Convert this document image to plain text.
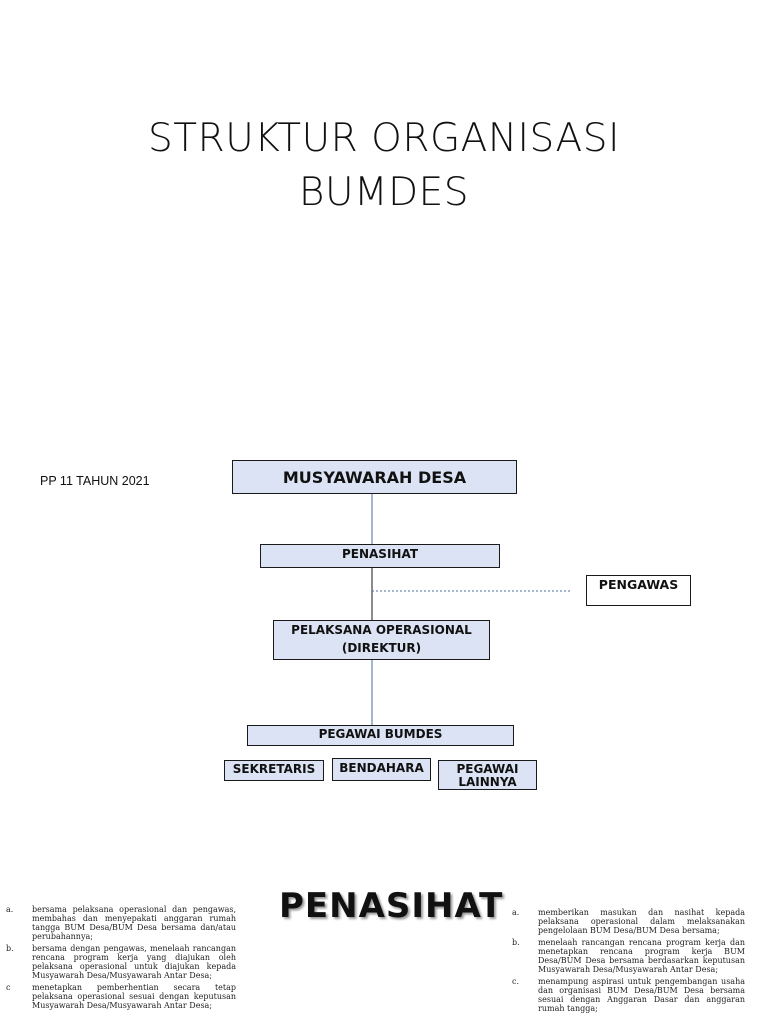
STRUKTUR ORGANISASI
BUMDES
PP 11 TAHUN 2021	MUSYAWARAH DESA
PENASIHAT
PENGAWAS
PELAKSANA OPERASIONAL
(DIREKTUR)
PEGAWAI BUMDES
SEKRETARIS	BENDAHARA	PEGAWAI
LAINNYA
PENASIHAT
a. bersama pelaksana operasional dan pengawas, membahas dan menyepakati anggaran rumah tangga BUM Desa/BUM Desa bersama dan/atau perubahannya;
b. bersama dengan pengawas, menelaah rancangan rencana program kerja yang diajukan oleh pelaksana operasional untuk diajukan kepada Musyawarah Desa/Musyawarah Antar Desa;
c	menetapkan pemberhentian secara tetap pelaksana operasional sesuai dengan keputusan Musyawarah Desa/Musyawarah Antar Desa;
a. memberikan masukan dan nasihat kepada pelaksana operasional dalam melaksanakan pengelolaan BUM Desa/BUM Desa bersama;
b. menelaah rancangan rencana program kerja dan menetapkan rencana program kerja BUM Desa/BUM Desa bersama berdasarkan keputusan Musyawarah Desa/Musyawarah Antar Desa;
c. menampung aspirasi untuk pengembangan usaha dan organisasi BUM Desa/BUM Desa bersama sesuai dengan Anggaran Dasar dan anggaran rumah tangga;
